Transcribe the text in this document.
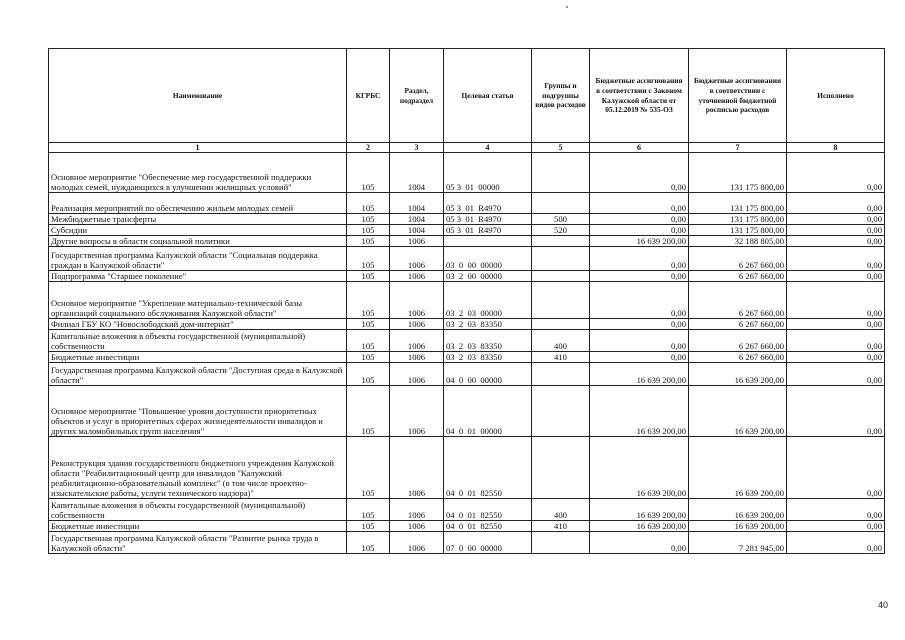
Наименование	КГРБС	Раздел, подраздел	Целевая статья	Группы и подгруппы видов расходов	Бюджетные ассигнования в соответствии с Законом Калужской области от 05.12.2019 № 535-ОЗ	Бюджетные ассигнования в соответствии с уточненной бюджетной росписью расходов	Исполнено
1	2	3	4	5	6	7	8
Основное мероприятие "Обеспечение мер государственной поддержки молодых семей, нуждающихся в улучшении жилищных условий"	105	1004	05 3  01  00000		0,00	131 175 800,00	0,00
Реализация мероприятий по обеспечению жильем молодых семей	105	1004	05 3  01  R4970		0,00	131 175 800,00	0,00
Межбюджетные трансферты	105	1004	05 3  01  R4970	500	0,00	131 175 800,00	0,00
Субсидии	105	1004	05 3  01  R4970	520	0,00	131 175 800,00	0,00
Другие вопросы в области социальной политики	105	1006			16 639 200,00	32 188 805,00	0,00
Государственная программа Калужской области "Социальная поддержка граждан в Калужской области"	105	1006	03  0  00  00000		0,00	6 267 660,00	0,00
Подпрограмма "Старшее поколение"	105	1006	03  2  00  00000		0,00	6 267 660,00	0,00
Основное мероприятие "Укрепление материально-технической базы организаций социального обслуживания Калужской области"	105	1006	03  2  03  00000		0,00	6 267 660,00	0,00
Филиал ГБУ КО "Новослободский дом-интернат"	105	1006	03  2  03  83350		0,00	6 267 660,00	0,00
Капитальные вложения в объекты государственной (муниципальной) собственности	105	1006	03  2  03  83350	400	0,00	6 267 660,00	0,00
Бюджетные инвестиции	105	1006	03  2  03  83350	410	0,00	6 267 660,00	0,00
Государственная программа Калужской области "Доступная среда в Калужской области"	105	1006	04  0  00  00000		16 639 200,00	16 639 200,00	0,00
Основное мероприятие "Повышение уровня доступности приоритетных объектов и услуг в приоритетных сферах жизнедеятельности инвалидов и других маломобильных групп населения"	105	1006	04  0  01  00000		16 639 200,00	16 639 200,00	0,00
Реконструкция здания государственного бюджетного учреждения Калужской области "Реабилитационный центр для инвалидов "Калужский реабилитационно-образовательный комплекс" (в том числе проектно-изыскательские работы, услуги технического надзора)"	105	1006	04  0  01  82550		16 639 200,00	16 639 200,00	0,00
Капитальные вложения в объекты государственной (муниципальной) собственности	105	1006	04  0  01  82550	400	16 639 200,00	16 639 200,00	0,00
Бюджетные инвестиции	105	1006	04  0  01  82550	410	16 639 200,00	16 639 200,00	0,00
Государственная программа Калужской области "Развитие рынка труда в Калужской области"	105	1006	07  0  00  00000		0,00	7 281 945,00	0,00
40
